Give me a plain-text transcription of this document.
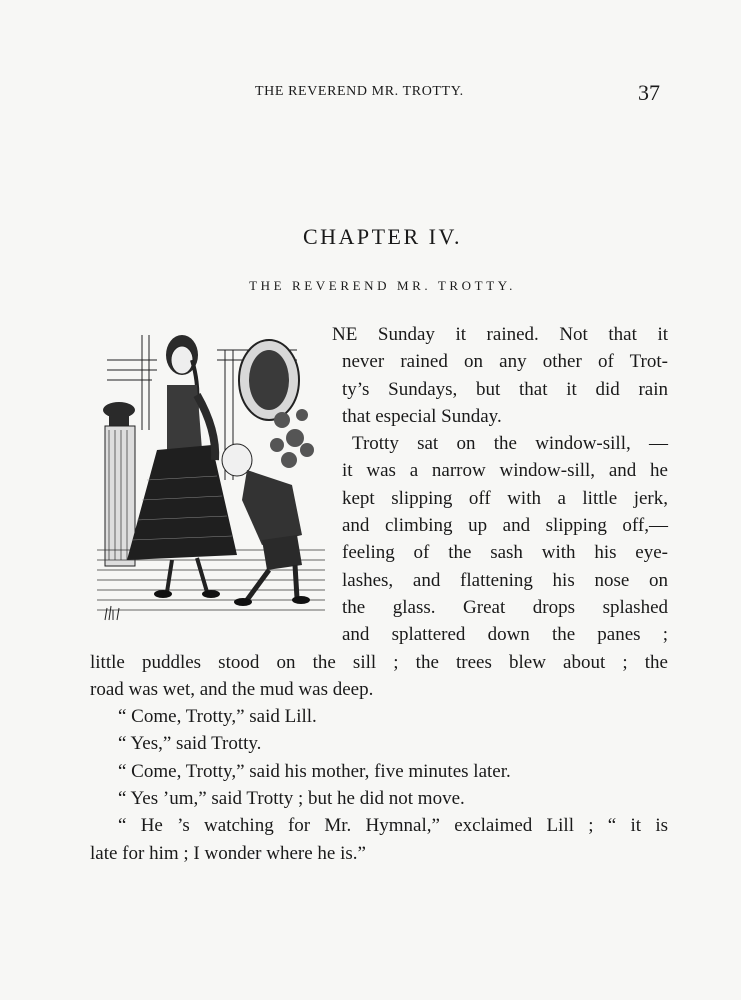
THE REVEREND MR. TROTTY.	37
CHAPTER IV.
THE REVEREND MR. TROTTY.
NE Sunday it rained. Not that it
never rained on any other of Trot-
ty’s Sundays, but that it did rain
that especial Sunday.
Trotty sat on the window-sill, —
it was a narrow window-sill, and he
kept slipping off with a little jerk,
and climbing up and slipping off,—
feeling of the sash with his eye-
lashes, and flattening his nose on
the glass. Great drops splashed
and splattered down the panes ;
little puddles stood on the sill ; the trees blew about ; the
road was wet, and the mud was deep.
“ Come, Trotty,” said Lill.
“ Yes,” said Trotty.
“ Come, Trotty,” said his mother, five minutes later.
“ Yes ’um,” said Trotty ; but he did not move.
“ He ’s watching for Mr. Hymnal,” exclaimed Lill ; “ it is
late for him ; I wonder where he is.”
